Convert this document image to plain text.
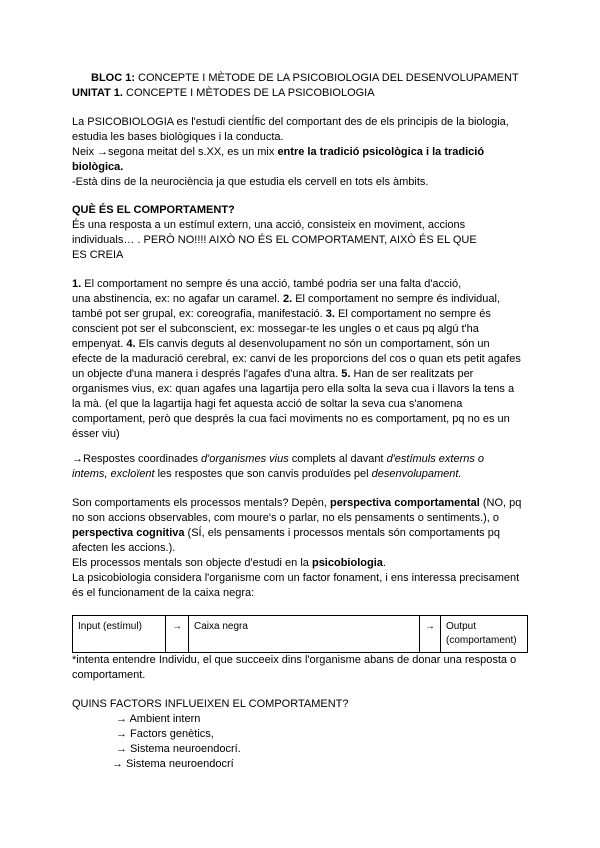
BLOC 1: CONCEPTE I MÈTODE DE LA PSICOBIOLOGIA DEL DESENVOLUPAMENT
UNITAT 1. CONCEPTE I MÈTODES DE LA PSICOBIOLOGIA

La PSICOBIOLOGIA es l'estudi cientÍfic del comportant des de els principis de la biologia,

estudia les bases biològiques i la conducta.

Neix →segona meitat del s.XX, es un mix entre la tradició psicològica i la tradició

biològica.

-Està dins de la neurociència ja que estudia els cervell en tots els àmbits.

QUÈ ÉS EL COMPORTAMENT?

És una resposta a un estímul extern, una acció, consisteix en moviment, accions

individuals… . PERÒ NO!!!! AIXÒ NO ÉS EL COMPORTAMENT, AIXÒ ÉS EL QUE

ES CREIA

1. El comportament no sempre és una acció, també podria ser una falta d'acció,

una abstinencia, ex: no agafar un caramel. 2. El comportament no sempre és individual,

també pot ser grupal, ex: coreografia, manifestació. 3. El comportament no sempre és

conscient pot ser el subconscient, ex: mossegar-te les ungles o et caus pq algú t'ha

empenyat. 4. Els canvis deguts al desenvolupament no són un comportament, són un

efecte de la maduració cerebral, ex: canvi de les proporcions del cos o quan ets petit agafes

un objecte d'una manera i després l'agafes d'una altra. 5. Han de ser realitzats per

organismes vius, ex: quan agafes una lagartija pero ella solta la seva cua i llavors la tens a

la mà. (el que la lagartija hagi fet aquesta acció de soltar la seva cua s'anomena

comportament, però que després la cua faci moviments no es comportament, pq no es un

ésser viu)

→Respostes coordinades d'organismes vius complets al davant d'estímuls externs o

intems, excloïent les respostes que son canvis produïdes pel desenvolupament.

Son comportaments els processos mentals? Depèn, perspectiva comportamental (NO, pq

no son accions observables, com moure's o parlar, no els pensaments o sentiments.), o

perspectiva cognitiva (SÍ, els pensaments i processos mentals són comportaments pq

afecten les accions.).

Els processos mentals son objecte d'estudi en la psicobiologia.

La psicobiologia considera l'organisme com un factor fonament, i ens interessa precisament

és el funcionament de la caixa negra:

Input (estímul)	→	Caixa negra	→	Output
(comportament)

*intenta entendre Individu, el que succeeix dins l'organisme abans de donar una resposta o

comportament.

QUINS FACTORS INFLUEIXEN EL COMPORTAMENT?
→ Ambient intern
→ Factors genètics,
→ Sistema neuroendocrí.
→ Sistema neuroendocrí
